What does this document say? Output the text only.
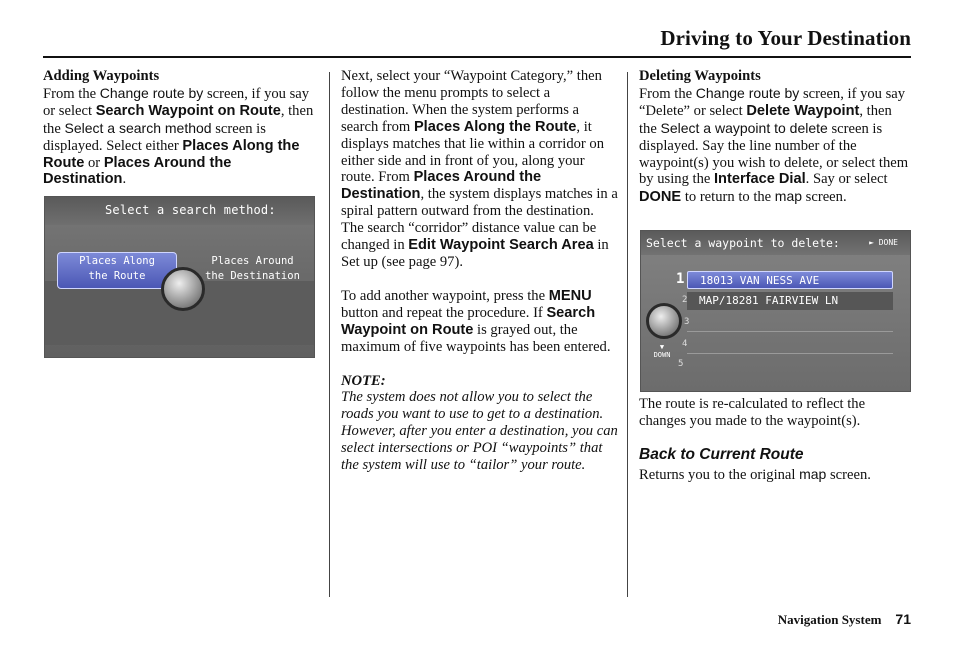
Driving to Your Destination

Adding Waypoints

From the Change route by screen, if you say or select Search Waypoint on Route, then the Select a search method screen is displayed. Select either Places Along the Route or Places Around the Destination.

Select a search method:
Places Along
the Route
Places Around
the Destination

Next, select your “Waypoint Category,” then follow the menu prompts to select a destination. When the system performs a search from Places Along the Route, it displays matches that lie within a corridor on either side and in front of you, along your route. From Places Around the Destination, the system displays matches in a spiral pattern outward from the destination. The search “corridor” distance value can be changed in Edit Waypoint Search Area in Set up (see page 97).

To add another waypoint, press the MENU button and repeat the procedure. If Search Waypoint on Route is grayed out, the maximum of five waypoints has been entered.

NOTE:

The system does not allow you to select the roads you want to use to get to a destination. However, after you enter a destination, you can select intersections or POI “waypoints” that the system will use to “tailor” your route.

Deleting Waypoints

From the Change route by screen, if you say “Delete” or select Delete Waypoint, then the Select a waypoint to delete screen is displayed. Say the line number of the waypoint(s) you wish to delete, or select them by using the Interface Dial. Say or select DONE to return to the map screen.

The route is re-calculated to reflect the changes you made to the waypoint(s).

Back to Current Route

Returns you to the original map screen.

Select a waypoint to delete:	► DONE
1	18013 VAN NESS AVE
2	MAP/18281 FAIRVIEW LN
3
4
5
▼
DOWN
Navigation System 71
